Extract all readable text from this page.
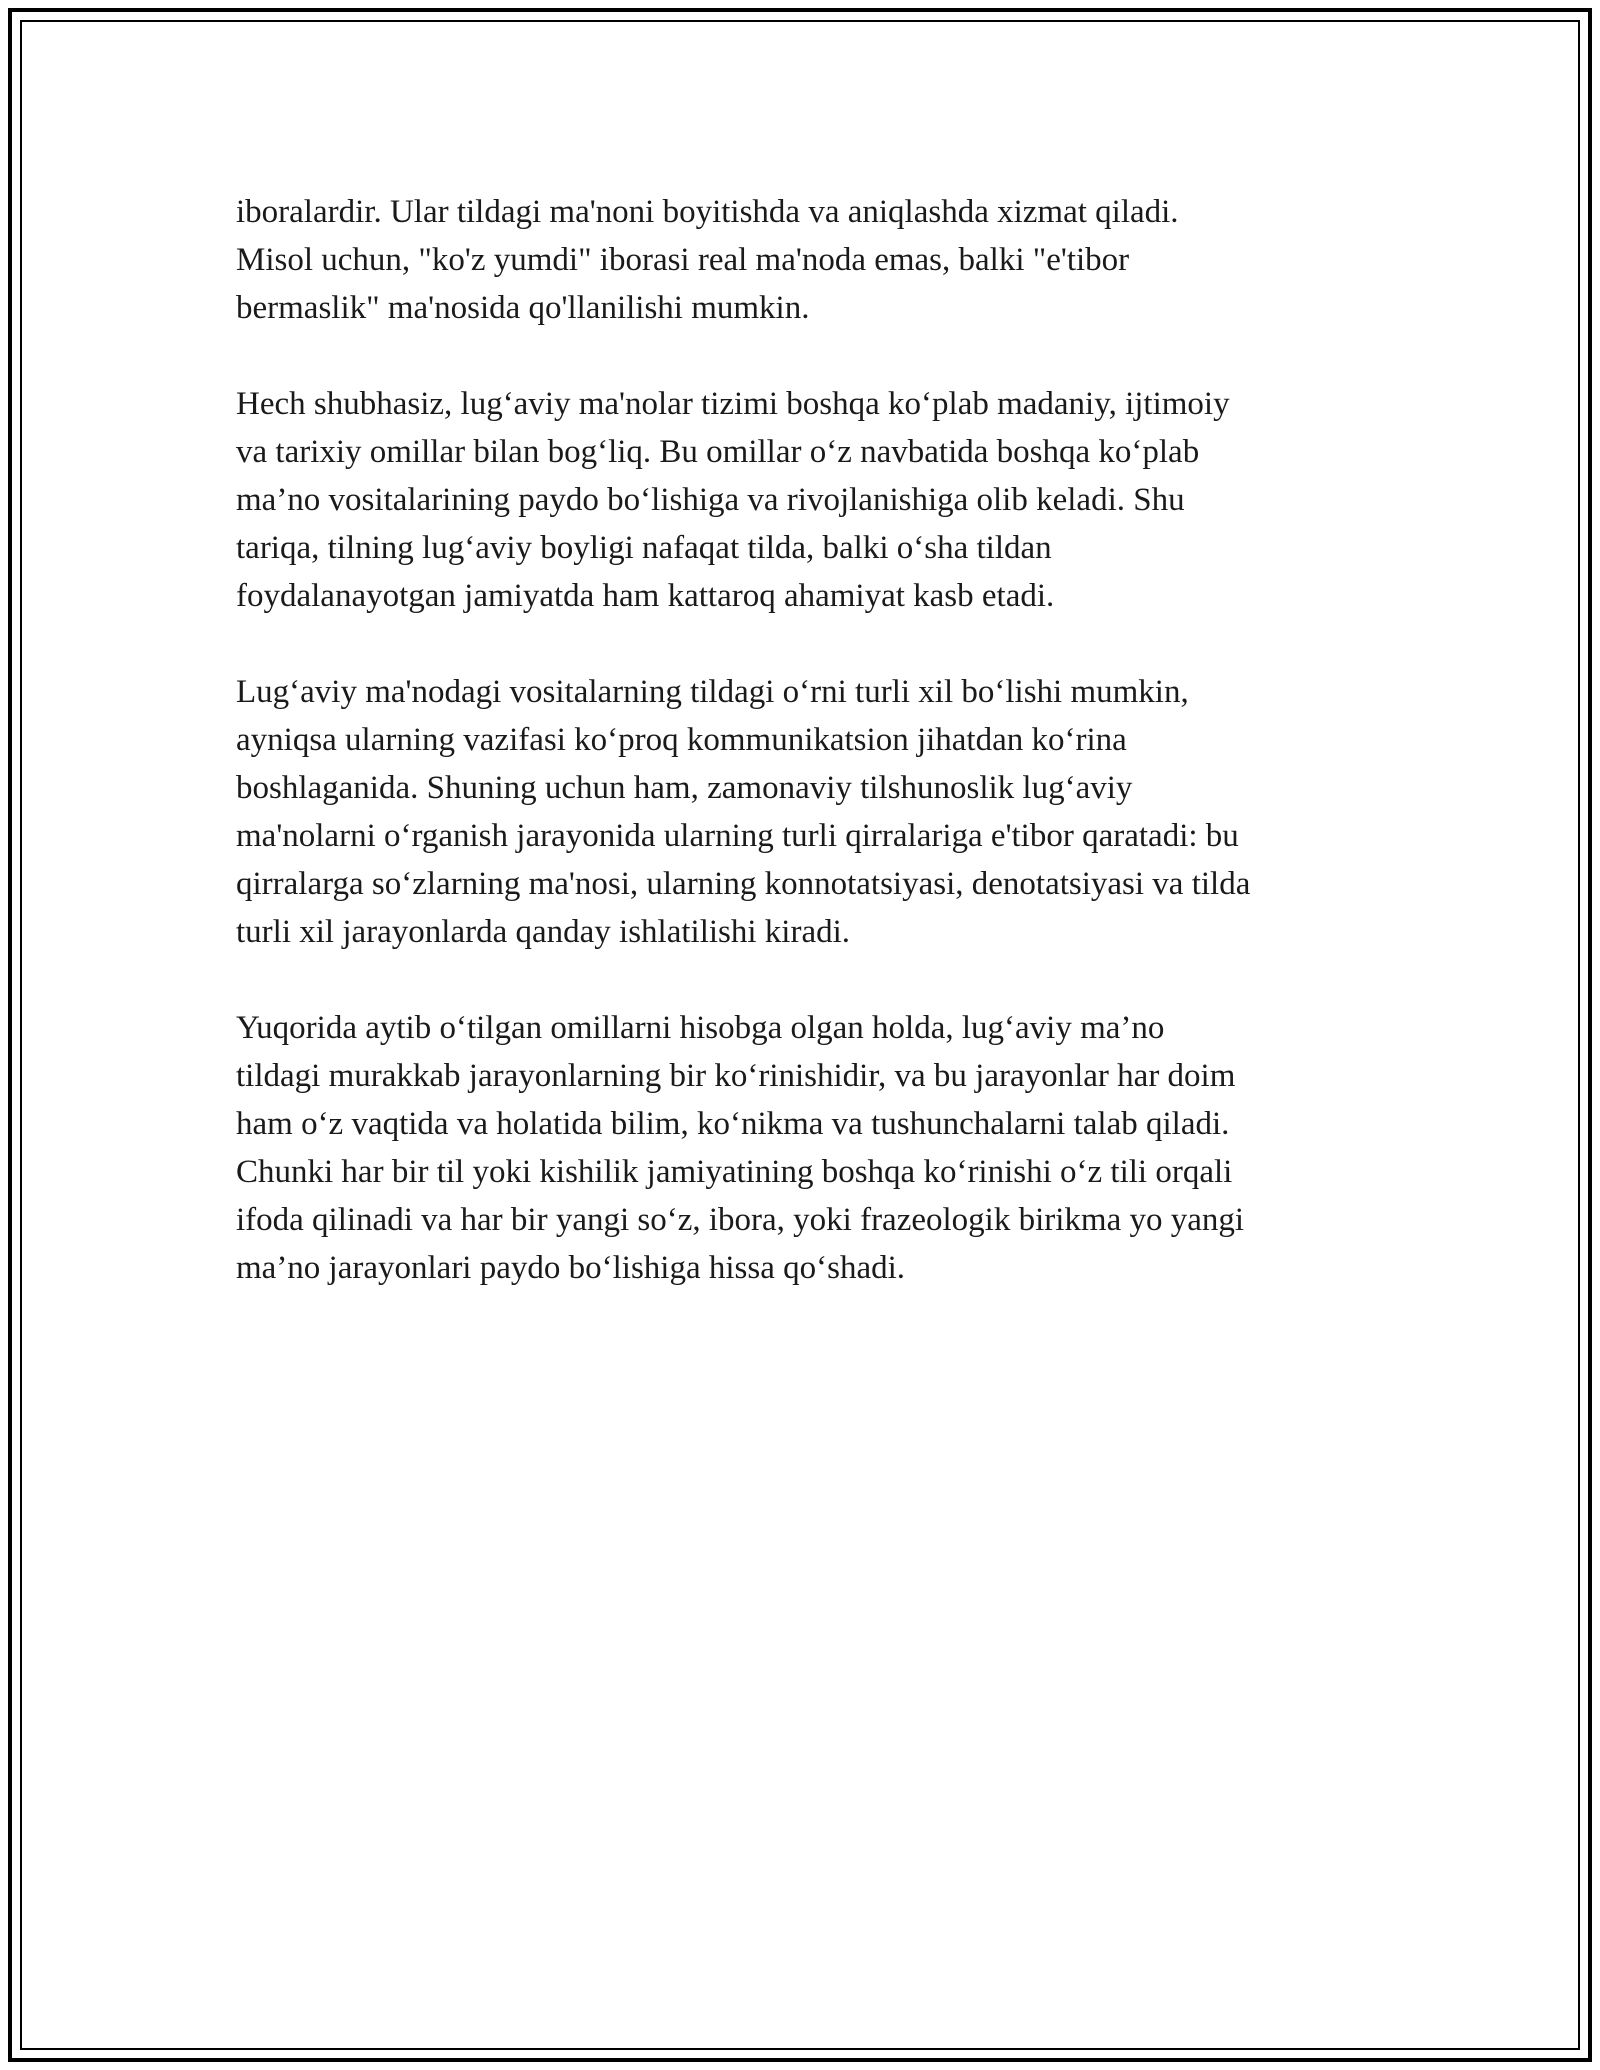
iboralardir. Ular tildagi ma'noni boyitishda va aniqlashda xizmat qiladi.
Misol uchun, "ko'z yumdi" iborasi real ma'noda emas, balki "e'tibor
bermaslik" ma'nosida qo'llanilishi mumkin.

Hech shubhasiz, lug‘aviy ma'nolar tizimi boshqa ko‘plab madaniy, ijtimoiy
va tarixiy omillar bilan bog‘liq. Bu omillar o‘z navbatida boshqa ko‘plab
ma’no vositalarining paydo bo‘lishiga va rivojlanishiga olib keladi. Shu
tariqa, tilning lug‘aviy boyligi nafaqat tilda, balki o‘sha tildan
foydalanayotgan jamiyatda ham kattaroq ahamiyat kasb etadi.

Lug‘aviy ma'nodagi vositalarning tildagi o‘rni turli xil bo‘lishi mumkin,
ayniqsa ularning vazifasi ko‘proq kommunikatsion jihatdan ko‘rina
boshlaganida. Shuning uchun ham, zamonaviy tilshunoslik lug‘aviy
ma'nolarni o‘rganish jarayonida ularning turli qirralariga e'tibor qaratadi: bu
qirralarga so‘zlarning ma'nosi, ularning konnotatsiyasi, denotatsiyasi va tilda
turli xil jarayonlarda qanday ishlatilishi kiradi.

Yuqorida aytib o‘tilgan omillarni hisobga olgan holda, lug‘aviy ma’no
tildagi murakkab jarayonlarning bir ko‘rinishidir, va bu jarayonlar har doim
ham o‘z vaqtida va holatida bilim, ko‘nikma va tushunchalarni talab qiladi.
Chunki har bir til yoki kishilik jamiyatining boshqa ko‘rinishi o‘z tili orqali
ifoda qilinadi va har bir yangi so‘z, ibora, yoki frazeologik birikma yo yangi
ma’no jarayonlari paydo bo‘lishiga hissa qo‘shadi.
